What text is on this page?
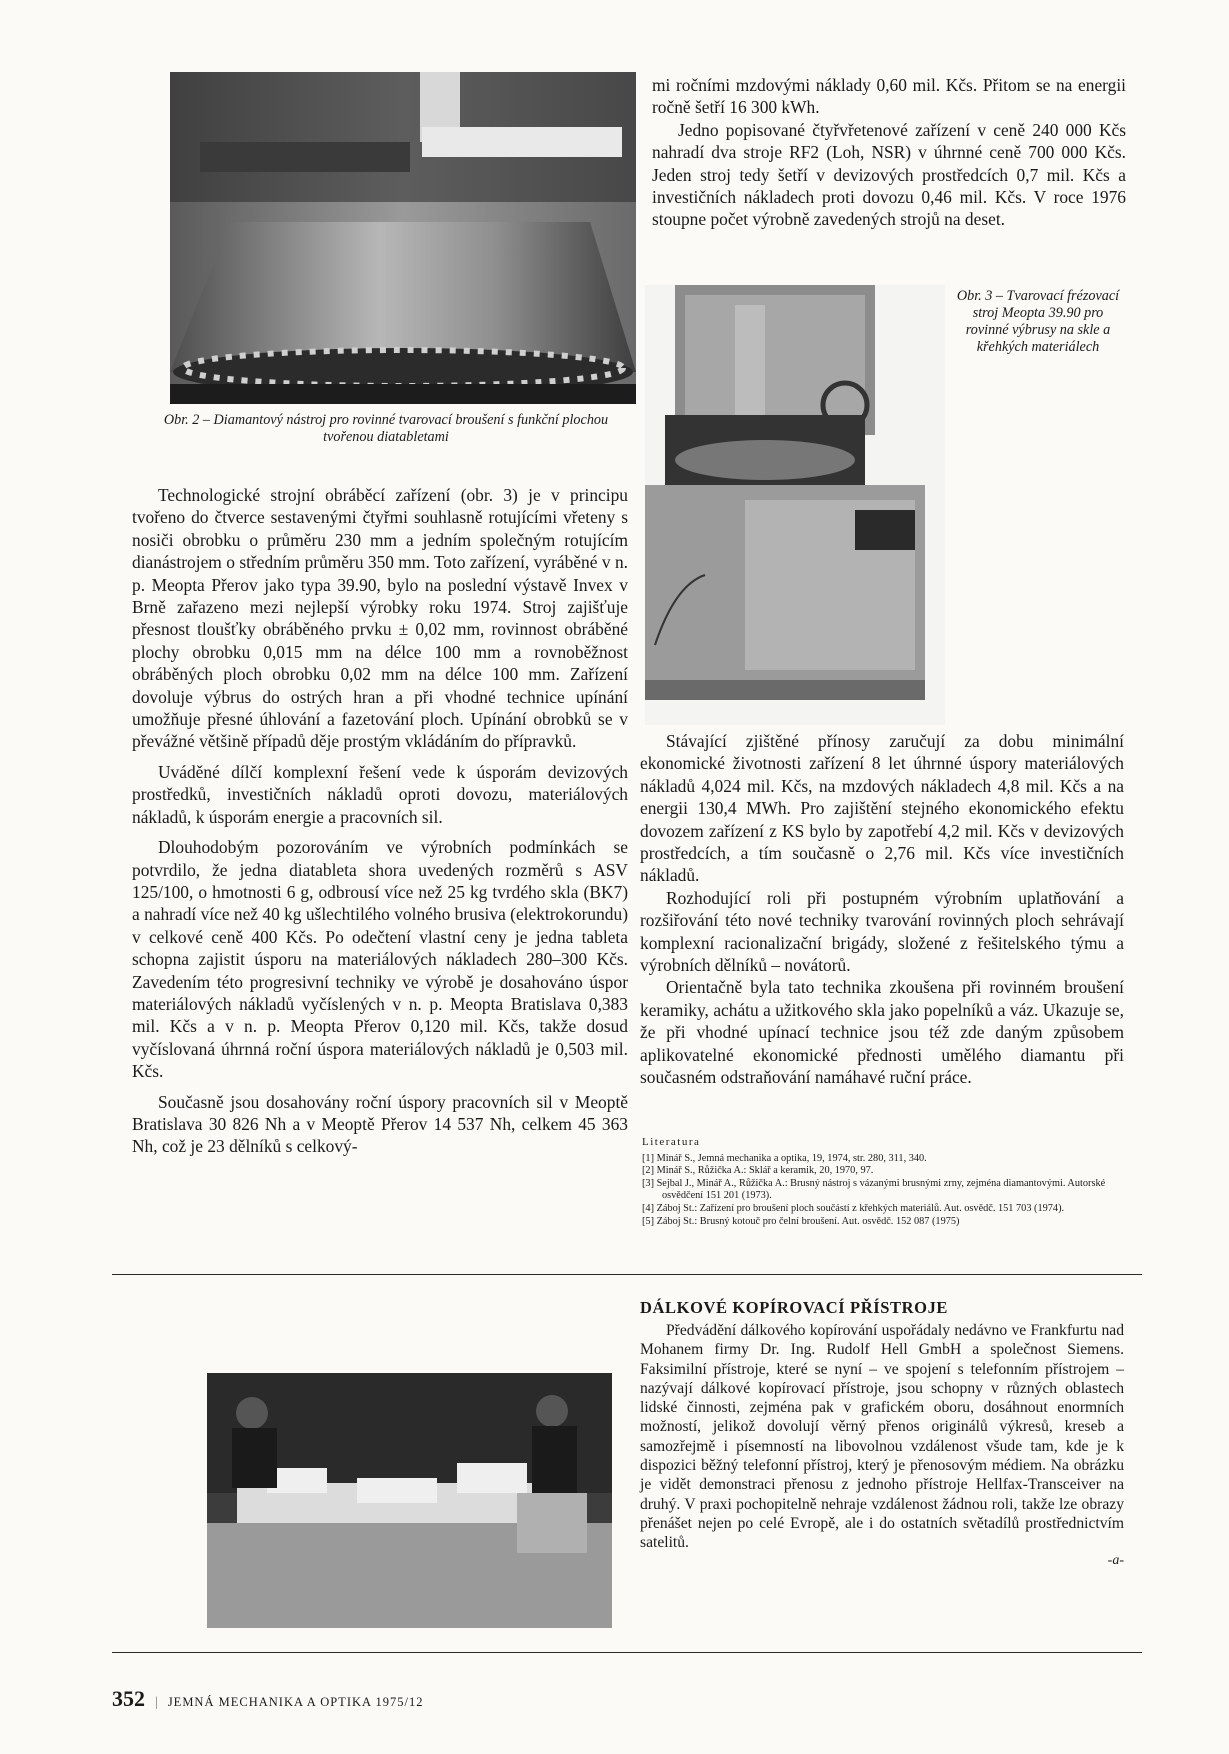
Obr. 2 – Diamantový nástroj pro rovinné tvarovací broušení s funkční plochou tvořenou diatabletami

mi ročními mzdovými náklady 0,60 mil. Kčs. Přitom se na energii ročně šetří 16 300 kWh.

Jedno popisované čtyřvřetenové zařízení v ceně 240 000 Kčs nahradí dva stroje RF2 (Loh, NSR) v úhrnné ceně 700 000 Kčs. Jeden stroj tedy šetří v devizových prostředcích 0,7 mil. Kčs a investičních nákladech proti dovozu 0,46 mil. Kčs. V roce 1976 stoupne počet výrobně zavedených strojů na deset.

Obr. 3 – Tvarovací frézovací stroj Meopta 39.90 pro rovinné výbrusy na skle a křehkých materiálech

Technologické strojní obráběcí zařízení (obr. 3) je v principu tvořeno do čtverce sestavenými čtyřmi souhlasně rotujícími vřeteny s nosiči obrobku o průměru 230 mm a jedním společným rotujícím dianástrojem o středním průměru 350 mm. Toto zařízení, vyráběné v n. p. Meopta Přerov jako typa 39.90, bylo na poslední výstavě Invex v Brně zařazeno mezi nejlepší výrobky roku 1974. Stroj zajišťuje přesnost tloušťky obráběného prvku ± 0,02 mm, rovinnost obráběné plochy obrobku 0,015 mm na délce 100 mm a rovnoběžnost obráběných ploch obrobku 0,02 mm na délce 100 mm. Zařízení dovoluje výbrus do ostrých hran a při vhodné technice upínání umožňuje přesné úhlování a fazetování ploch. Upínání obrobků se v převážné většině případů děje prostým vkládáním do přípravků.

Uváděné dílčí komplexní řešení vede k úsporám devizových prostředků, investičních nákladů oproti dovozu, materiálových nákladů, k úsporám energie a pracovních sil.

Dlouhodobým pozorováním ve výrobních podmínkách se potvrdilo, že jedna diatableta shora uvedených rozměrů s ASV 125/100, o hmotnosti 6 g, odbrousí více než 25 kg tvrdého skla (BK7) a nahradí více než 40 kg ušlechtilého volného brusiva (elektrokorundu) v celkové ceně 400 Kčs. Po odečtení vlastní ceny je jedna tableta schopna zajistit úsporu na materiálových nákladech 280–300 Kčs. Zavedením této progresivní techniky ve výrobě je dosahováno úspor materiálových nákladů vyčíslených v n. p. Meopta Bratislava 0,383 mil. Kčs a v n. p. Meopta Přerov 0,120 mil. Kčs, takže dosud vyčíslovaná úhrnná roční úspora materiálových nákladů je 0,503 mil. Kčs.

Současně jsou dosahovány roční úspory pracovních sil v Meoptě Bratislava 30 826 Nh a v Meoptě Přerov 14 537 Nh, celkem 45 363 Nh, což je 23 dělníků s celkový-

Stávající zjištěné přínosy zaručují za dobu minimální ekonomické životnosti zařízení 8 let úhrnné úspory materiálových nákladů 4,024 mil. Kčs, na mzdových nákladech 4,8 mil. Kčs a na energii 130,4 MWh. Pro zajištění stejného ekonomického efektu dovozem zařízení z KS bylo by zapotřebí 4,2 mil. Kčs v devizových prostředcích, a tím současně o 2,76 mil. Kčs více investičních nákladů.

Rozhodující roli při postupném výrobním uplatňování a rozšiřování této nové techniky tvarování rovinných ploch sehrávají komplexní racionalizační brigády, složené z řešitelského týmu a výrobních dělníků – novátorů.

Orientačně byla tato technika zkoušena při rovinném broušení keramiky, achátu a užitkového skla jako popelníků a váz. Ukazuje se, že při vhodné upínací technice jsou též zde daným způsobem aplikovatelné ekonomické přednosti umělého diamantu při současném odstraňování namáhavé ruční práce.

Literatura
[1] Minář S., Jemná mechanika a optika, 19, 1974, str. 280, 311, 340.
[2] Minář S., Růžička A.: Sklář a keramik, 20, 1970, 97.
[3] Sejbal J., Minář A., Růžička A.: Brusný nástroj s vázanými brusnými zrny, zejména diamantovými. Autorské osvědčení 151 201 (1973).
[4] Záboj St.: Zařízení pro broušení ploch součástí z křehkých materiálů. Aut. osvědč. 151 703 (1974).
[5] Záboj St.: Brusný kotouč pro čelní broušení. Aut. osvědč. 152 087 (1975)
DÁLKOVÉ KOPÍROVACÍ PŘÍSTROJE

Předvádění dálkového kopírování uspořádaly nedávno ve Frankfurtu nad Mohanem firmy Dr. Ing. Rudolf Hell GmbH a společnost Siemens. Faksimilní přístroje, které se nyní – ve spojení s telefonním přístrojem – nazývají dálkové kopírovací přístroje, jsou schopny v různých oblastech lidské činnosti, zejména pak v grafickém oboru, dosáhnout enormních možností, jelikož dovolují věrný přenos originálů výkresů, kreseb a samozřejmě i písemností na libovolnou vzdálenost všude tam, kde je k dispozici běžný telefonní přístroj, který je přenosovým médiem. Na obrázku je vidět demonstraci přenosu z jednoho přístroje Hellfax-Transceiver na druhý. V praxi pochopitelně nehraje vzdálenost žádnou roli, takže lze obrazy přenášet nejen po celé Evropě, ale i do ostatních světadílů prostřednictvím satelitů.

-a-
352 | JEMNÁ MECHANIKA A OPTIKA 1975/12
